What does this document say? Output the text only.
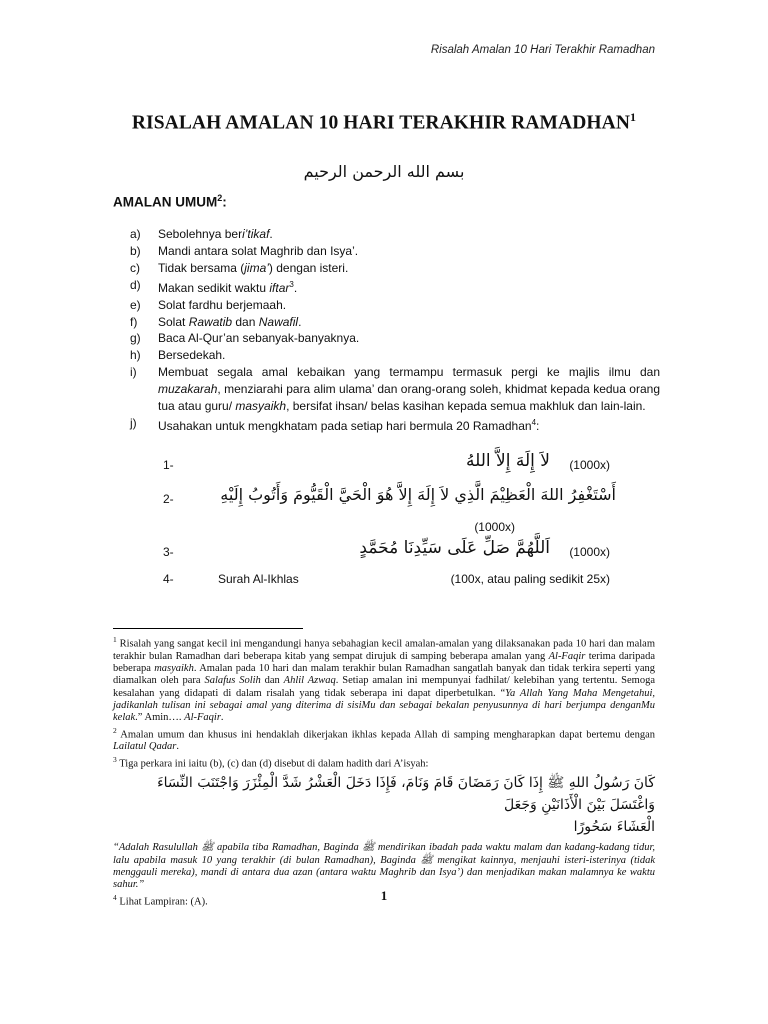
Risalah Amalan 10 Hari Terakhir Ramadhan
RISALAH AMALAN 10 HARI TERAKHIR RAMADHAN$^1$
بسم الله الرحمن الرحيم
AMALAN UMUM$^2$:
a) Sebolehnya beri’tikaf.
b) Mandi antara solat Maghrib dan Isya’.
c) Tidak bersama (jima’) dengan isteri.
d) Makan sedikit waktu iftar$^3$.
e) Solat fardhu berjemaah.
f) Solat Rawatib dan Nawafil.
g) Baca Al-Qur’an sebanyak-banyaknya.
h) Bersedekah.
i) Membuat segala amal kebaikan yang termampu termasuk pergi ke majlis ilmu dan muzakarah, menziarahi para alim ulama’ dan orang-orang soleh, khidmat kepada kedua orang tua atau guru/ masyaikh, bersifat ihsan/ belas kasihan kepada semua makhluk dan lain-lain.
j) Usahakan untuk mengkhatam pada setiap hari bermula 20 Ramadhan$^4$:
1-	لاَ إِلَهَ إِلاَّ اللهُ (1000x)
2-	أَسْتَغْفِرُ اللهَ الْعَظِيْمَ الَّذِي لاَ إِلَهَ إِلاَّ هُوَ الْحَيَّ الْقَيُّومَ وَأَتُوبُ إِلَيْهِ
(1000x)
3-	اَللَّهُمَّ صَلِّ عَلَى سَيِّدِنَا مُحَمَّدٍ (1000x)
4-	Surah Al-Ikhlas	(100x, atau paling sedikit 25x)

$^1$ Risalah yang sangat kecil ini mengandungi hanya sebahagian kecil amalan-amalan yang dilaksanakan pada 10 hari dan malam terakhir bulan Ramadhan dari beberapa kitab yang sempat dirujuk di samping beberapa amalan yang Al-Faqir terima daripada beberapa masyaikh. Amalan pada 10 hari dan malam terakhir bulan Ramadhan sangatlah banyak dan tidak terkira seperti yang diamalkan oleh para Salafus Solih dan Ahlil Azwaq. Setiap amalan ini mempunyai fadhilat/ kelebihan yang tertentu. Semoga kesalahan yang didapati di dalam risalah yang tidak seberapa ini dapat diperbetulkan. “Ya Allah Yang Maha Mengetahui, jadikanlah tulisan ini sebagai amal yang diterima di sisiMu dan sebagai bekalan penyusunnya di hari berjumpa denganMu kelak.” Amin…. Al-Faqir.

$^2$ Amalan umum dan khusus ini hendaklah dikerjakan ikhlas kepada Allah di samping mengharapkan dapat bertemu dengan Lailatul Qadar.

$^3$ Tiga perkara ini iaitu (b), (c) dan (d) disebut di dalam hadith dari A’isyah:

كَانَ رَسُولُ اللهِ ﷺ إِذَا كَانَ رَمَضَانَ قَامَ وَنَامَ، فَإِذَا دَخَلَ الْعَشْرُ شَدَّ الْمِئْزَرَ وَاجْتَنَبَ النِّسَاءَ وَاغْتَسَلَ بَيْنَ الْأَذَانَيْنِ وَجَعَلَ
الْعَشَاءَ سَحُورًا

“Adalah Rasulullah ﷺ apabila tiba Ramadhan, Baginda ﷺ mendirikan ibadah pada waktu malam dan kadang-kadang tidur, lalu apabila masuk 10 yang terakhir (di bulan Ramadhan), Baginda ﷺ mengikat kainnya, menjauhi isteri-isterinya (tidak menggauli mereka), mandi di antara dua azan (antara waktu Maghrib dan Isya’) dan menjadikan makan malamnya ke waktu sahur.”

$^4$ Lihat Lampiran: (A).	1
